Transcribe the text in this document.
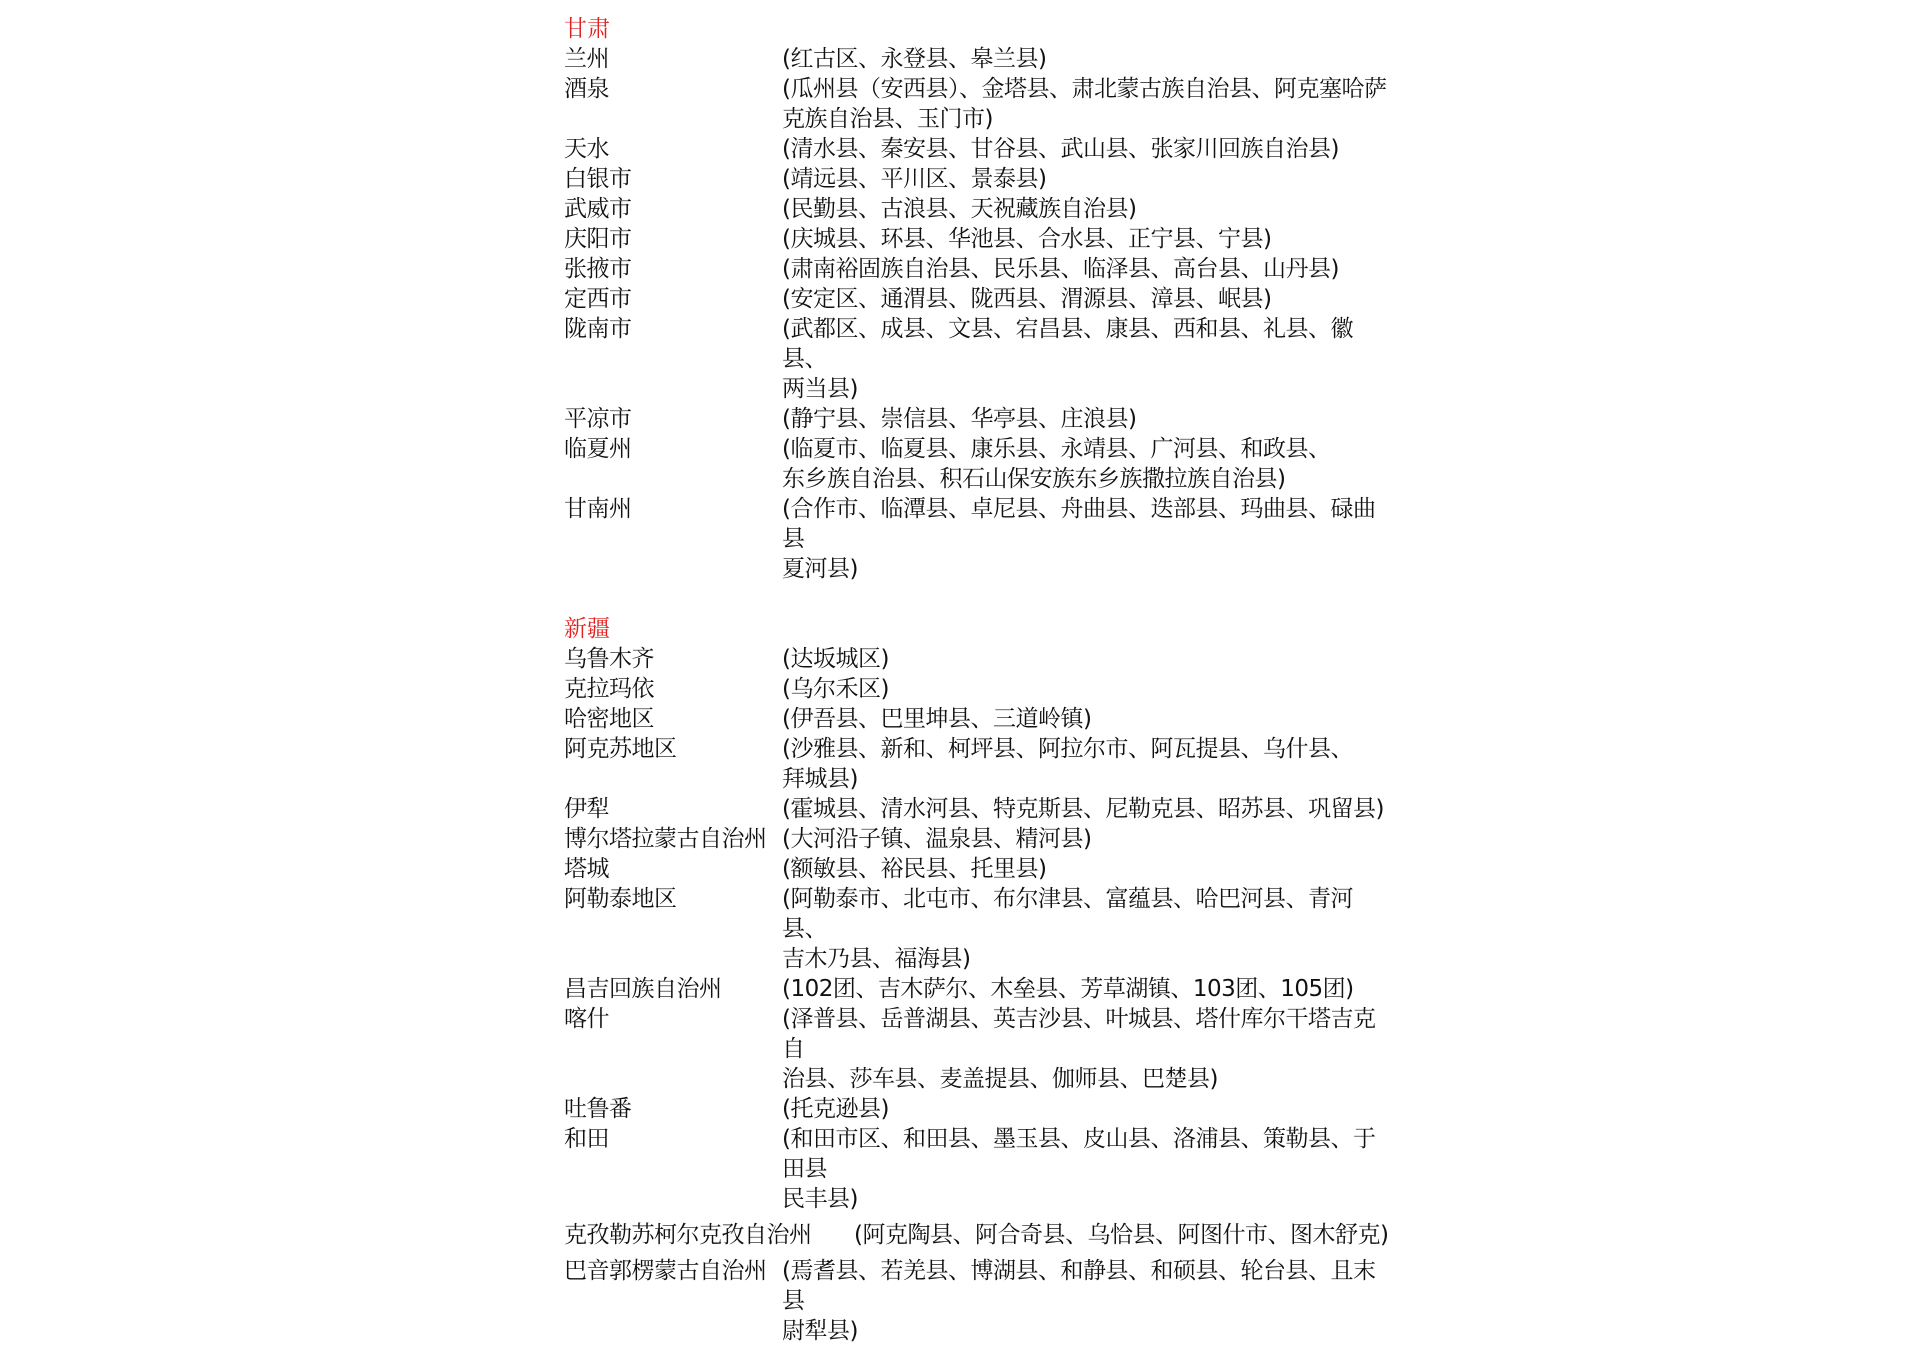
甘肃
兰州	(红古区、永登县、皋兰县)
酒泉	(瓜州县（安西县）、金塔县、肃北蒙古族自治县、阿克塞哈萨
克族自治县、玉门市)
天水	(清水县、秦安县、甘谷县、武山县、张家川回族自治县)
白银市	(靖远县、平川区、景泰县)
武威市	(民勤县、古浪县、天祝藏族自治县)
庆阳市	(庆城县、环县、华池县、合水县、正宁县、宁县)
张掖市	(肃南裕固族自治县、民乐县、临泽县、高台县、山丹县)
定西市	(安定区、通渭县、陇西县、渭源县、漳县、岷县)
陇南市	(武都区、成县、文县、宕昌县、康县、西和县、礼县、徽县、
两当县)
平凉市	(静宁县、崇信县、华亭县、庄浪县)
临夏州	(临夏市、临夏县、康乐县、永靖县、广河县、和政县、
东乡族自治县、积石山保安族东乡族撒拉族自治县)
甘南州	(合作市、临潭县、卓尼县、舟曲县、迭部县、玛曲县、碌曲县
夏河县)
新疆
乌鲁木齐	(达坂城区)
克拉玛依	(乌尔禾区)
哈密地区	(伊吾县、巴里坤县、三道岭镇)
阿克苏地区	(沙雅县、新和、柯坪县、阿拉尔市、阿瓦提县、乌什县、
拜城县)
伊犁	(霍城县、清水河县、特克斯县、尼勒克县、昭苏县、巩留县)
博尔塔拉蒙古自治州 (大河沿子镇、温泉县、精河县)
塔城	(额敏县、裕民县、托里县)
阿勒泰地区	(阿勒泰市、北屯市、布尔津县、富蕴县、哈巴河县、青河县、
吉木乃县、福海县)
昌吉回族自治州	(102团、吉木萨尔、木垒县、芳草湖镇、103团、105团)
喀什	(泽普县、岳普湖县、英吉沙县、叶城县、塔什库尔干塔吉克自
治县、莎车县、麦盖提县、伽师县、巴楚县)
吐鲁番	(托克逊县)
和田	(和田市区、和田县、墨玉县、皮山县、洛浦县、策勒县、于田县
民丰县)
克孜勒苏柯尔克孜自治州	(阿克陶县、阿合奇县、乌恰县、阿图什市、图木舒克)
巴音郭楞蒙古自治州 (焉耆县、若羌县、博湖县、和静县、和硕县、轮台县、且末县
尉犁县)
